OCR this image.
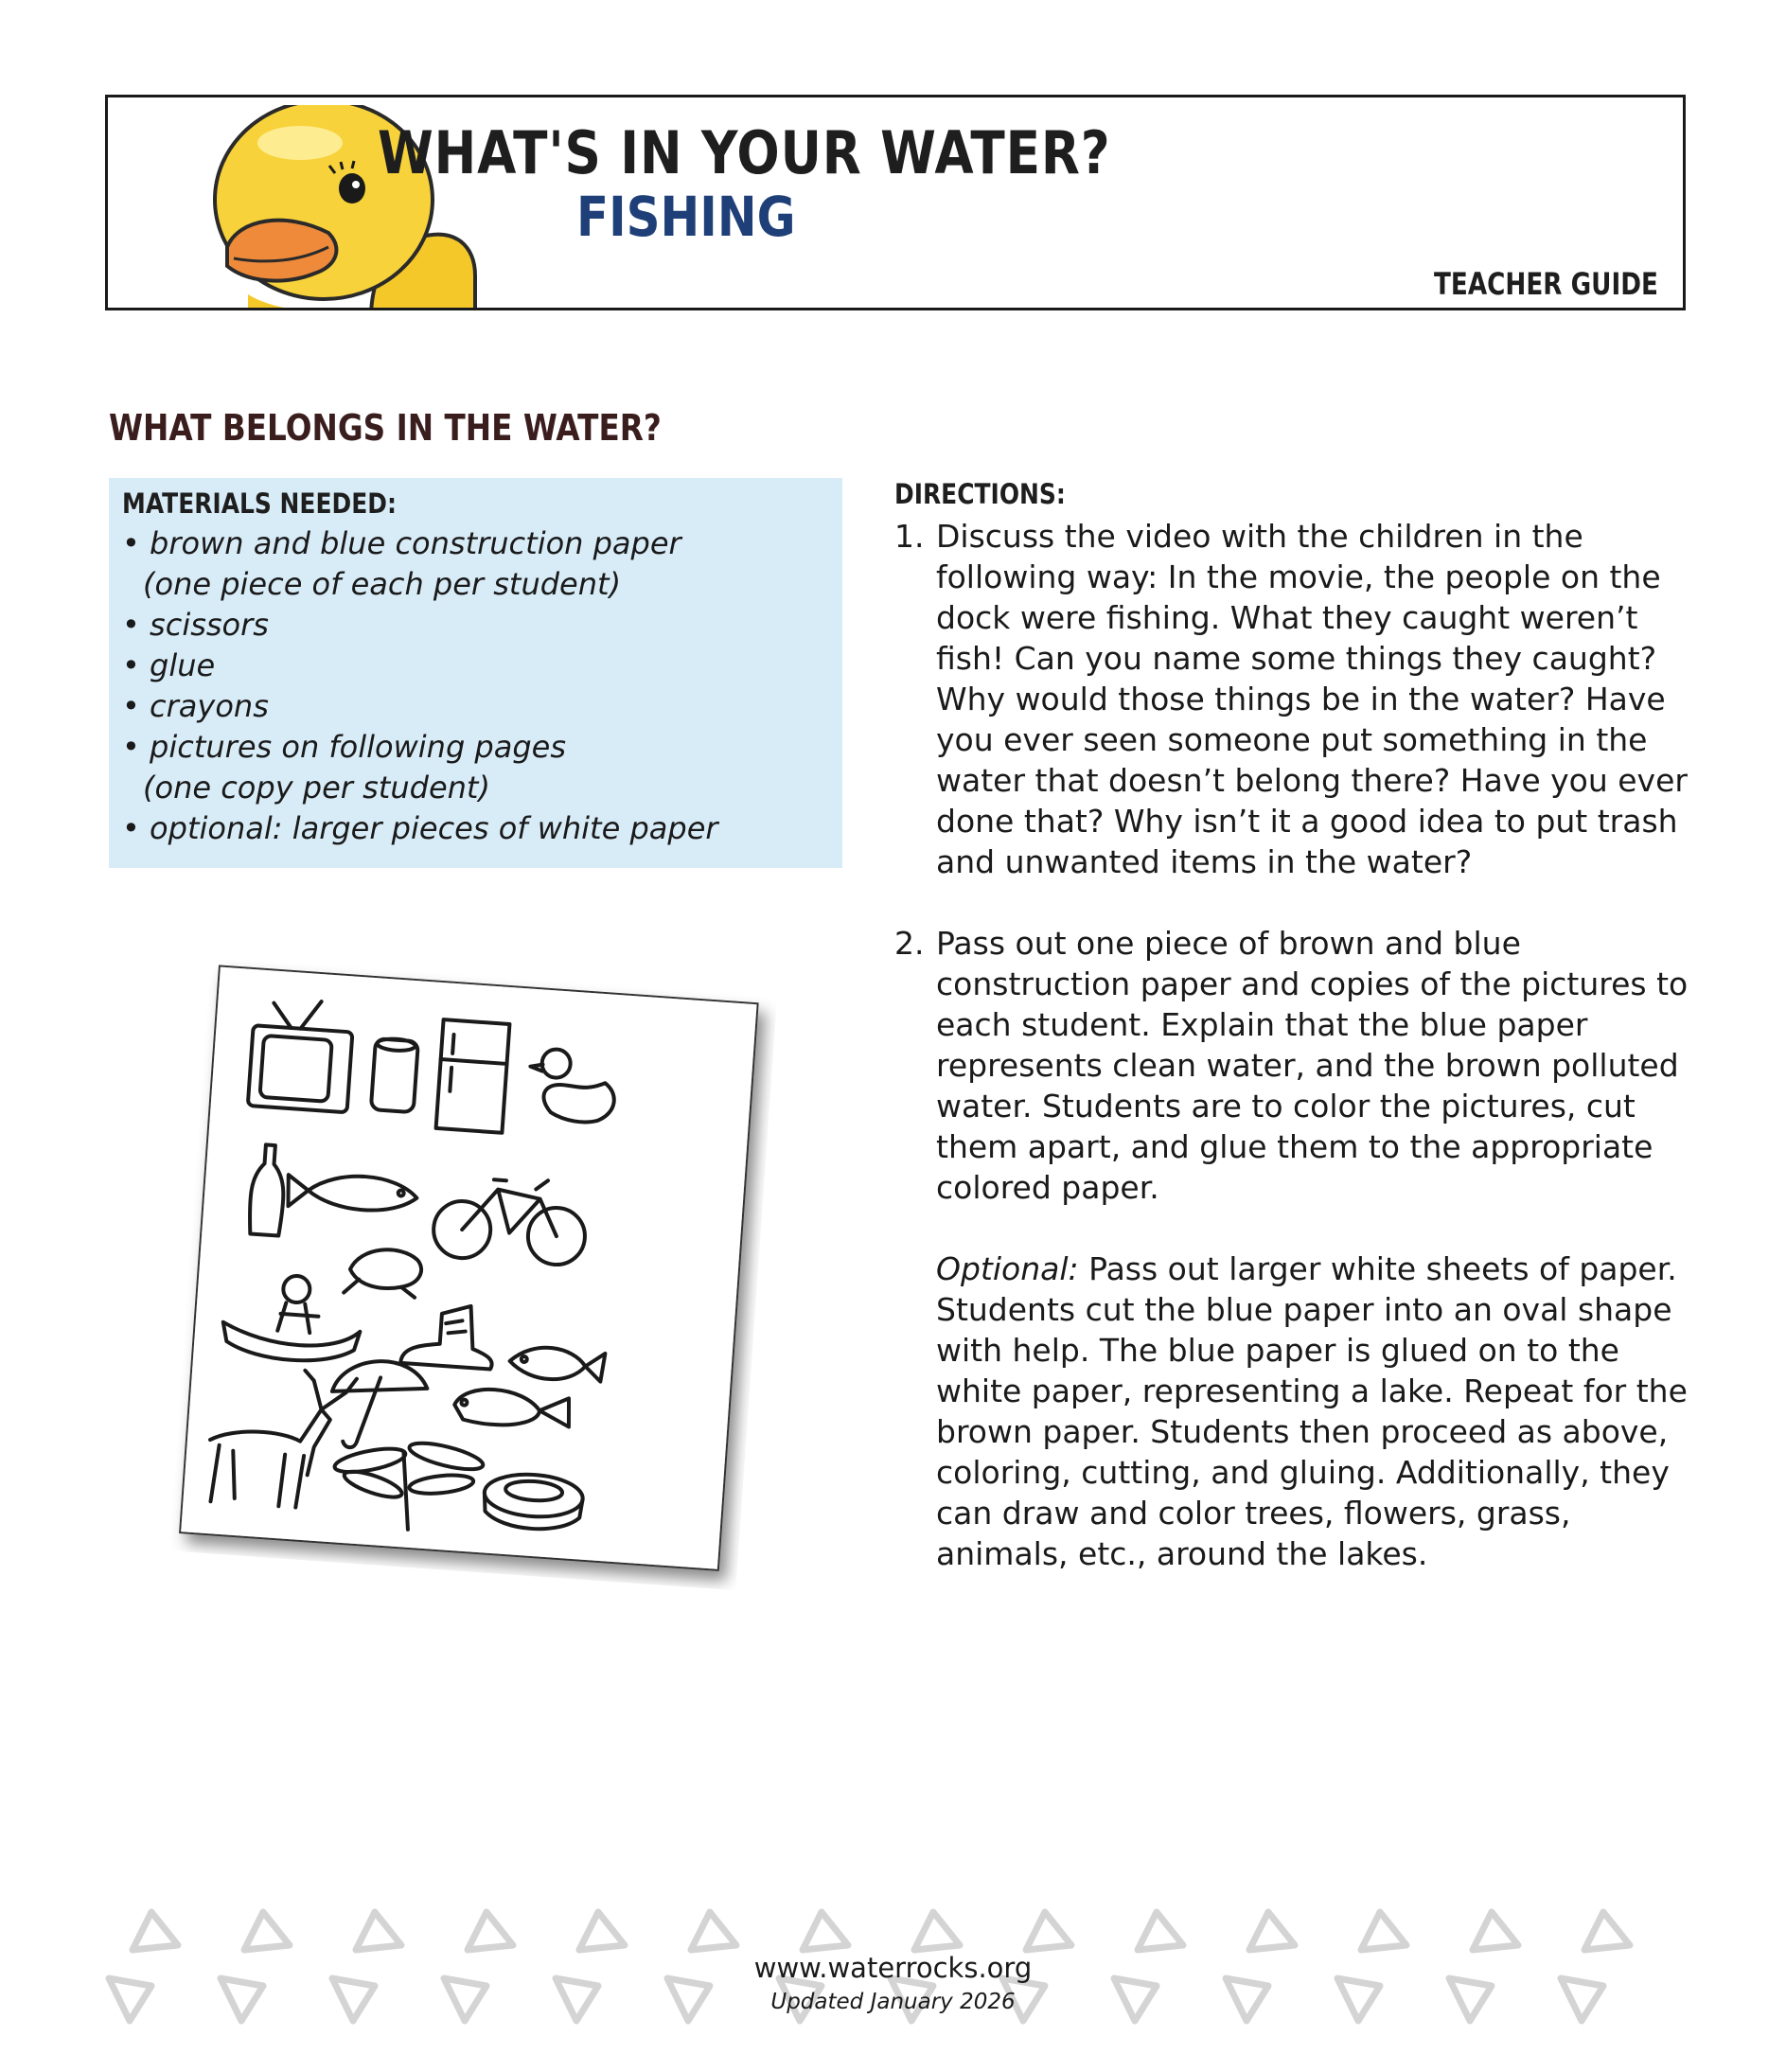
WHAT'S IN YOUR WATER?
FISHING
TEACHER GUIDE
WHAT BELONGS IN THE WATER?
MATERIALS NEEDED:
• brown and blue construction paper
(one piece of each per student)
• scissors
• glue
• crayons
• pictures on following pages
(one copy per student)
• optional: larger pieces of white paper
DIRECTIONS:
1. Discuss the video with the children in the following way: In the movie, the people on the dock were fishing. What they caught weren’t fish! Can you name some things they caught? Why would those things be in the water? Have you ever seen someone put something in the water that doesn’t belong there? Have you ever done that? Why isn’t it a good idea to put trash and unwanted items in the water?
2. Pass out one piece of brown and blue construction paper and copies of the pictures to each student. Explain that the blue paper represents clean water, and the brown polluted water. Students are to color the pictures, cut them apart, and glue them to the appropriate colored paper.
Optional: Pass out larger white sheets of paper. Students cut the blue paper into an oval shape with help. The blue paper is glued on to the white paper, representing a lake. Repeat for the brown paper. Students then proceed as above, coloring, cutting, and gluing. Additionally, they can draw and color trees, flowers, grass, animals, etc., around the lakes.
www.waterrocks.org
Updated January 2026
